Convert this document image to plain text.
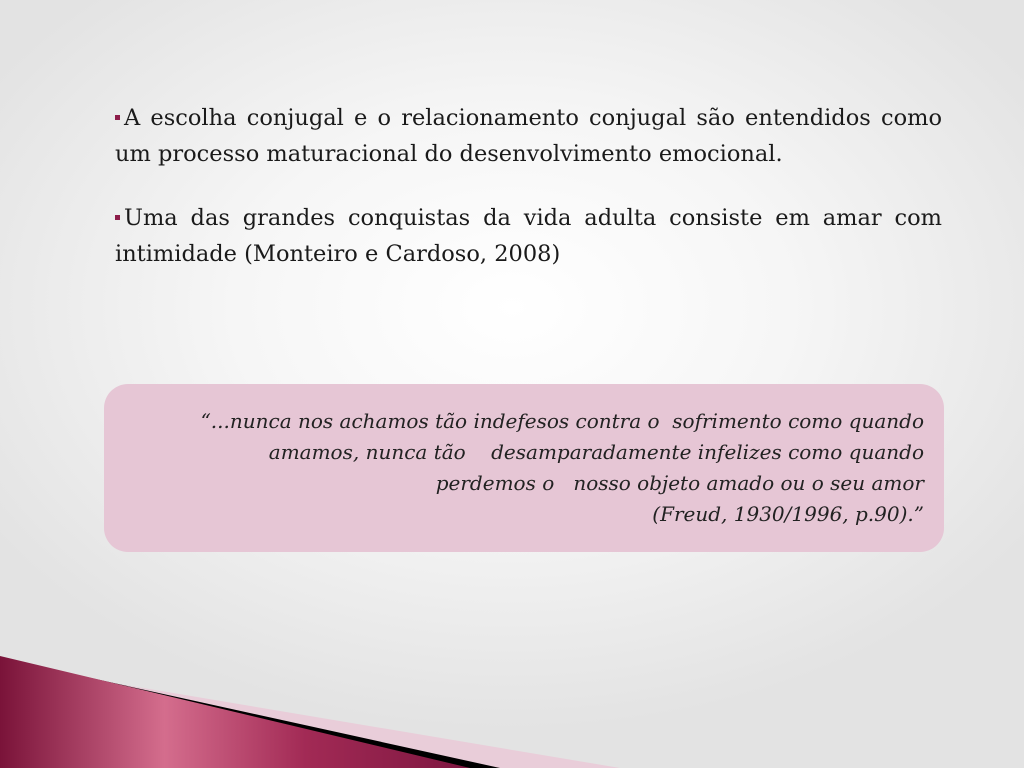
A escolha conjugal e o relacionamento conjugal são entendidos como um processo maturacional do desenvolvimento emocional.

Uma das grandes conquistas da vida adulta consiste em amar com intimidade (Monteiro e Cardoso, 2008)

“...nunca nos achamos tão indefesos contra o  sofrimento como quando
amamos, nunca tão    desamparadamente infelizes como quando
perdemos o   nosso objeto amado ou o seu amor
(Freud, 1930/1996, p.90).”
